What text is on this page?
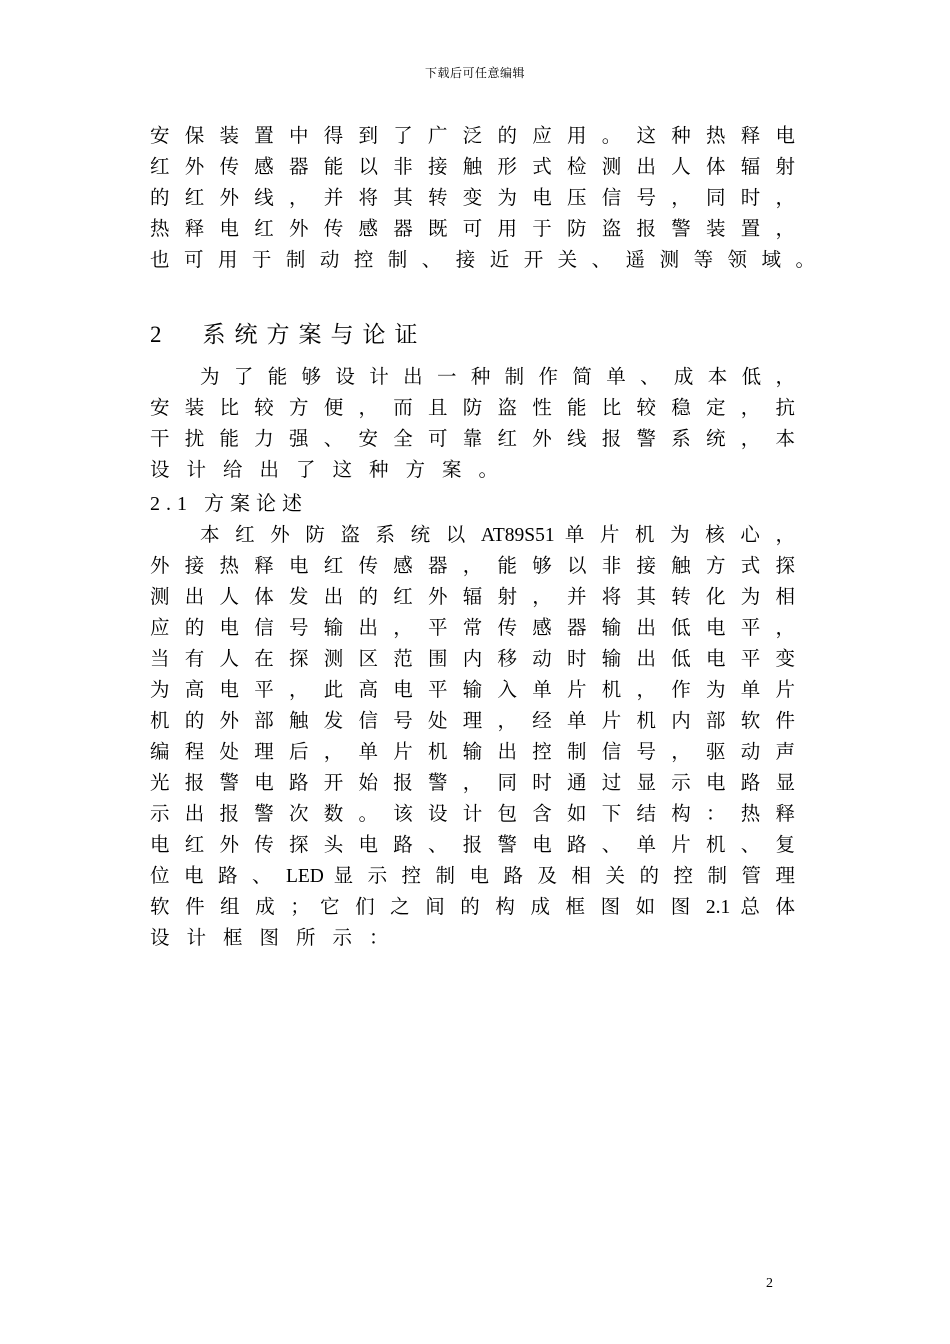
下载后可任意编辑
安 保 装 置 中 得 到 了 广 泛 的 应 用 。 这 种 热 释 电
红 外 传 感 器 能 以 非 接 触 形 式 检 测 出 人 体 辐 射
的 红 外 线 ， 并 将 其 转 变 为 电 压 信 号 ， 同 时 ，
热 释 电 红 外 传 感 器 既 可 用 于 防 盗 报 警 装 置 ，
也 可 用 于 制 动 控 制 、 接 近 开 关 、 遥 测 等 领 域 。
2　系统方案与论证
为 了 能 够 设 计 出 一 种 制 作 简 单 、 成 本 低 ，
安 装 比 较 方 便 ， 而 且 防 盗 性 能 比 较 稳 定 ， 抗
干 扰 能 力 强 、 安 全 可 靠 红 外 线 报 警 系 统 ， 本
设计给出了这种方案。
2.1 方案论述
本 红 外 防 盗 系 统 以 AT89S51 单 片 机 为 核 心 ，
外 接 热 释 电 红 传 感 器 ， 能 够 以 非 接 触 方 式 探
测 出 人 体 发 出 的 红 外 辐 射 ， 并 将 其 转 化 为 相
应 的 电 信 号 输 出 ， 平 常 传 感 器 输 出 低 电 平 ，
当 有 人 在 探 测 区 范 围 内 移 动 时 输 出 低 电 平 变
为 高 电 平 ， 此 高 电 平 输 入 单 片 机 ， 作 为 单 片
机 的 外 部 触 发 信 号 处 理 ， 经 单 片 机 内 部 软 件
编 程 处 理 后 ， 单 片 机 输 出 控 制 信 号 ， 驱 动 声
光 报 警 电 路 开 始 报 警 ， 同 时 通 过 显 示 电 路 显
示 出 报 警 次 数 。 该 设 计 包 含 如 下 结 构 ： 热 释
电 红 外 传 探 头 电 路 、 报 警 电 路 、 单 片 机 、 复
位 电 路 、 LED 显 示 控 制 电 路 及 相 关 的 控 制 管 理
软 件 组 成 ； 它 们 之 间 的 构 成 框 图 如 图 2.1 总 体
设计框图所示：
2
